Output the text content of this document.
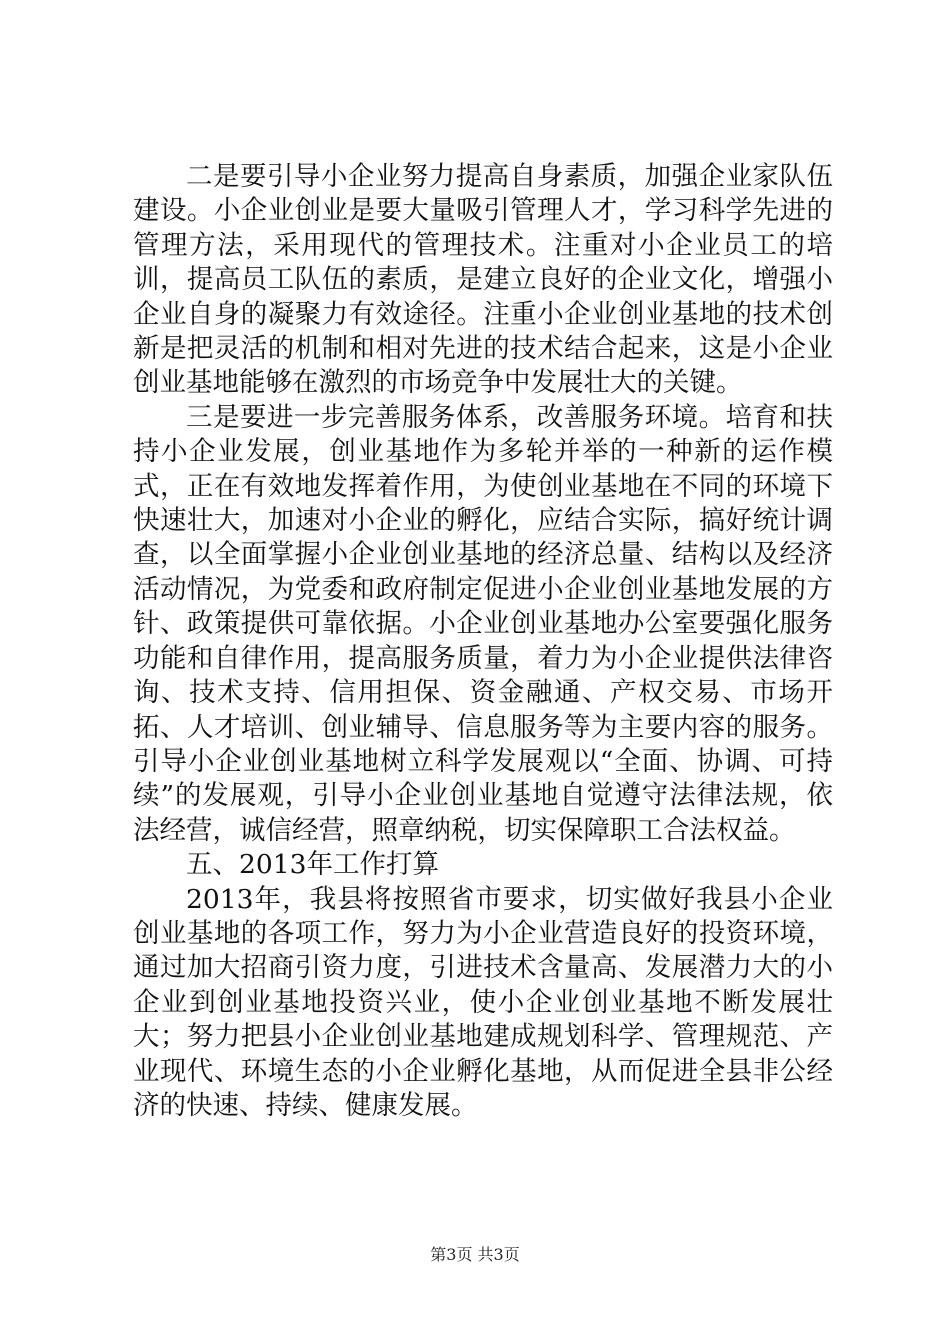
二是要引导小企业努力提高自身素质，加强企业家队伍建设。小企业创业是要大量吸引管理人才，学习科学先进的管理方法，采用现代的管理技术。注重对小企业员工的培训，提高员工队伍的素质，是建立良好的企业文化，增强小企业自身的凝聚力有效途径。注重小企业创业基地的技术创新是把灵活的机制和相对先进的技术结合起来，这是小企业创业基地能够在激烈的市场竞争中发展壮大的关键。

三是要进一步完善服务体系，改善服务环境。培育和扶持小企业发展，创业基地作为多轮并举的一种新的运作模式，正在有效地发挥着作用，为使创业基地在不同的环境下快速壮大，加速对小企业的孵化，应结合实际，搞好统计调查，以全面掌握小企业创业基地的经济总量、结构以及经济活动情况，为党委和政府制定促进小企业创业基地发展的方针、政策提供可靠依据。小企业创业基地办公室要强化服务功能和自律作用，提高服务质量，着力为小企业提供法律咨询、技术支持、信用担保、资金融通、产权交易、市场开拓、人才培训、创业辅导、信息服务等为主要内容的服务。引导小企业创业基地树立科学发展观以“全面、协调、可持续”的发展观，引导小企业创业基地自觉遵守法律法规，依法经营，诚信经营，照章纳税，切实保障职工合法权益。

五、2013年工作打算

2013年，我县将按照省市要求，切实做好我县小企业创业基地的各项工作，努力为小企业营造良好的投资环境，通过加大招商引资力度，引进技术含量高、发展潜力大的小企业到创业基地投资兴业，使小企业创业基地不断发展壮大；努力把县小企业创业基地建成规划科学、管理规范、产业现代、环境生态的小企业孵化基地，从而促进全县非公经济的快速、持续、健康发展。

第3页 共3页
